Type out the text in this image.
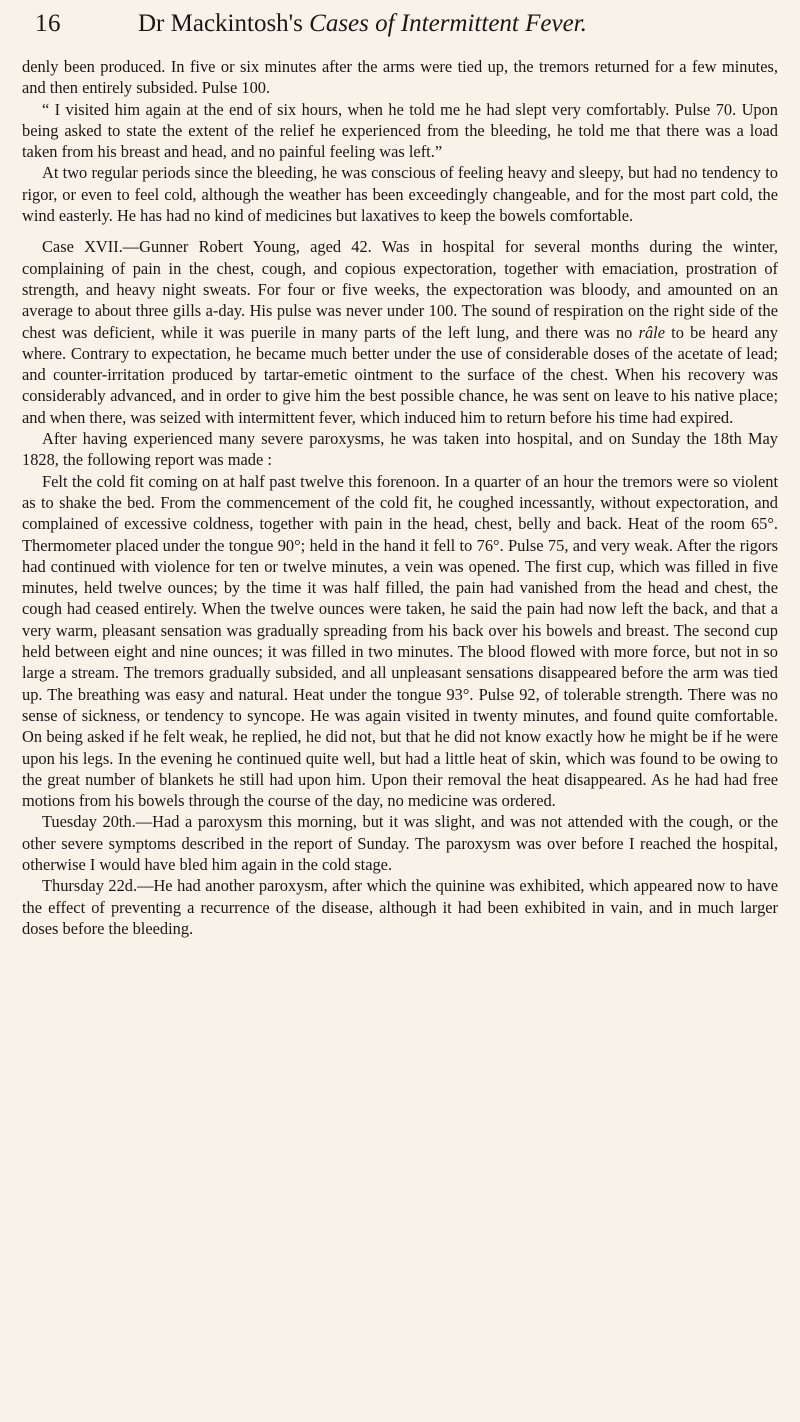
16	Dr Mackintosh's Cases of Intermittent Fever.

denly been produced. In five or six minutes after the arms were tied up, the tremors returned for a few minutes, and then entirely subsided. Pulse 100.

“ I visited him again at the end of six hours, when he told me he had slept very comfortably. Pulse 70. Upon being asked to state the extent of the relief he experienced from the bleeding, he told me that there was a load taken from his breast and head, and no painful feeling was left.”

At two regular periods since the bleeding, he was conscious of feeling heavy and sleepy, but had no tendency to rigor, or even to feel cold, although the weather has been exceedingly changeable, and for the most part cold, the wind easterly. He has had no kind of medicines but laxatives to keep the bowels comfortable.

Case XVII.—Gunner Robert Young, aged 42. Was in hospital for several months during the winter, complaining of pain in the chest, cough, and copious expectoration, together with emaciation, prostration of strength, and heavy night sweats. For four or five weeks, the expectoration was bloody, and amounted on an average to about three gills a-day. His pulse was never under 100. The sound of respiration on the right side of the chest was deficient, while it was puerile in many parts of the left lung, and there was no râle to be heard any where. Contrary to expectation, he became much better under the use of considerable doses of the acetate of lead; and counter-irritation produced by tartar-emetic ointment to the surface of the chest. When his recovery was considerably advanced, and in order to give him the best possible chance, he was sent on leave to his native place; and when there, was seized with intermittent fever, which induced him to return before his time had expired.

After having experienced many severe paroxysms, he was taken into hospital, and on Sunday the 18th May 1828, the following report was made :

Felt the cold fit coming on at half past twelve this forenoon. In a quarter of an hour the tremors were so violent as to shake the bed. From the commencement of the cold fit, he coughed incessantly, without expectoration, and complained of excessive coldness, together with pain in the head, chest, belly and back. Heat of the room 65°. Thermometer placed under the tongue 90°; held in the hand it fell to 76°. Pulse 75, and very weak. After the rigors had continued with violence for ten or twelve minutes, a vein was opened. The first cup, which was filled in five minutes, held twelve ounces; by the time it was half filled, the pain had vanished from the head and chest, the cough had ceased entirely. When the twelve ounces were taken, he said the pain had now left the back, and that a very warm, pleasant sensation was gradually spreading from his back over his bowels and breast. The second cup held between eight and nine ounces; it was filled in two minutes. The blood flowed with more force, but not in so large a stream. The tremors gradually subsided, and all unpleasant sensations disappeared before the arm was tied up. The breathing was easy and natural. Heat under the tongue 93°. Pulse 92, of tolerable strength. There was no sense of sickness, or tendency to syncope. He was again visited in twenty minutes, and found quite comfortable. On being asked if he felt weak, he replied, he did not, but that he did not know exactly how he might be if he were upon his legs. In the evening he continued quite well, but had a little heat of skin, which was found to be owing to the great number of blankets he still had upon him. Upon their removal the heat disappeared. As he had had free motions from his bowels through the course of the day, no medicine was ordered.

Tuesday 20th.—Had a paroxysm this morning, but it was slight, and was not attended with the cough, or the other severe symptoms described in the report of Sunday. The paroxysm was over before I reached the hospital, otherwise I would have bled him again in the cold stage.

Thursday 22d.—He had another paroxysm, after which the quinine was exhibited, which appeared now to have the effect of preventing a recurrence of the disease, although it had been exhibited in vain, and in much larger doses before the bleeding.
